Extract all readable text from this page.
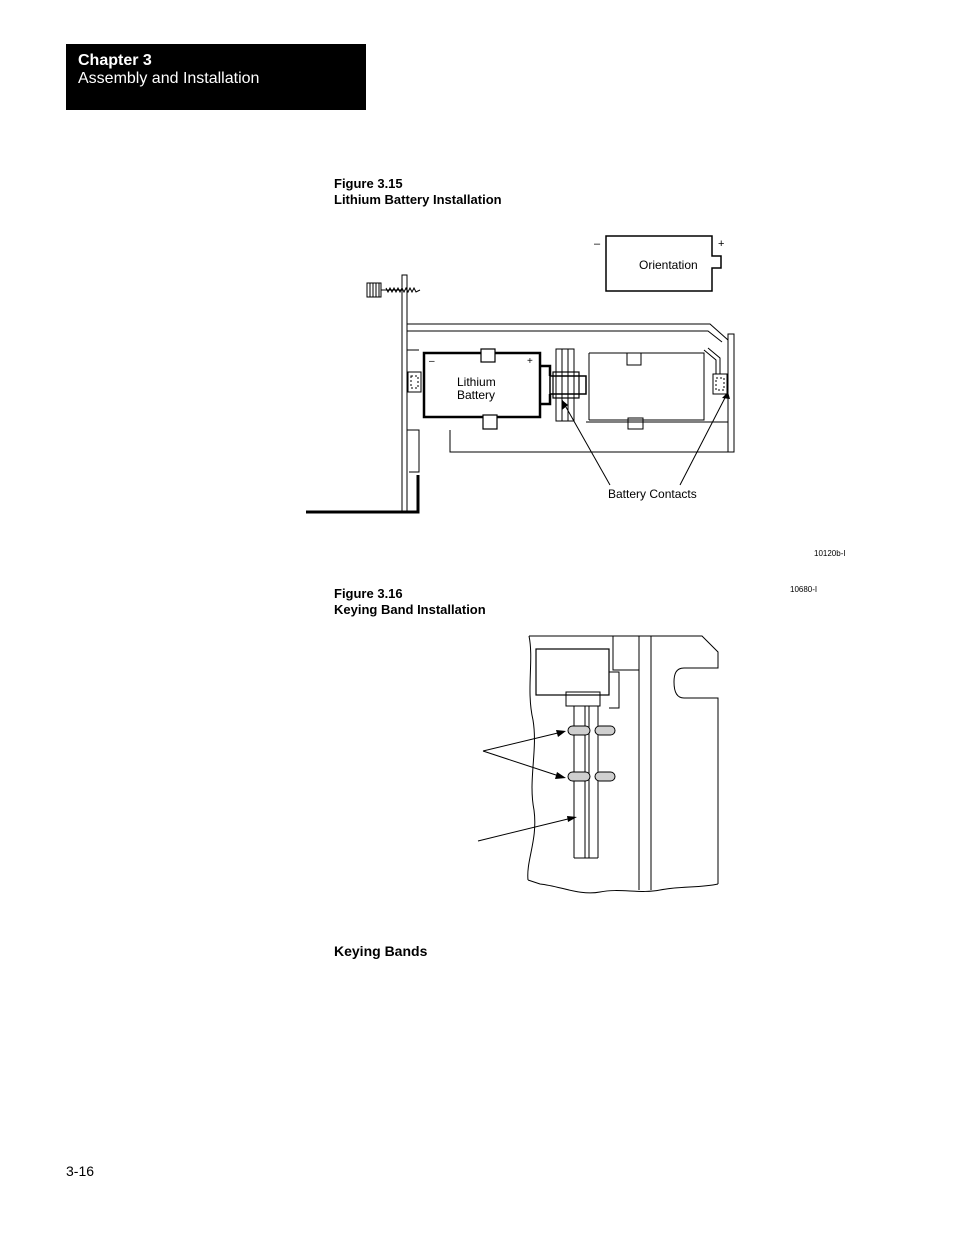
Chapter 3
Assembly and Installation
Figure 3.15
Lithium Battery Installation
–	+
Orientation
–	+
Lithium
Battery
Battery Contacts
10120b-I
10680-I
Figure 3.16
Keying Band Installation
Keying Bands
3-16
